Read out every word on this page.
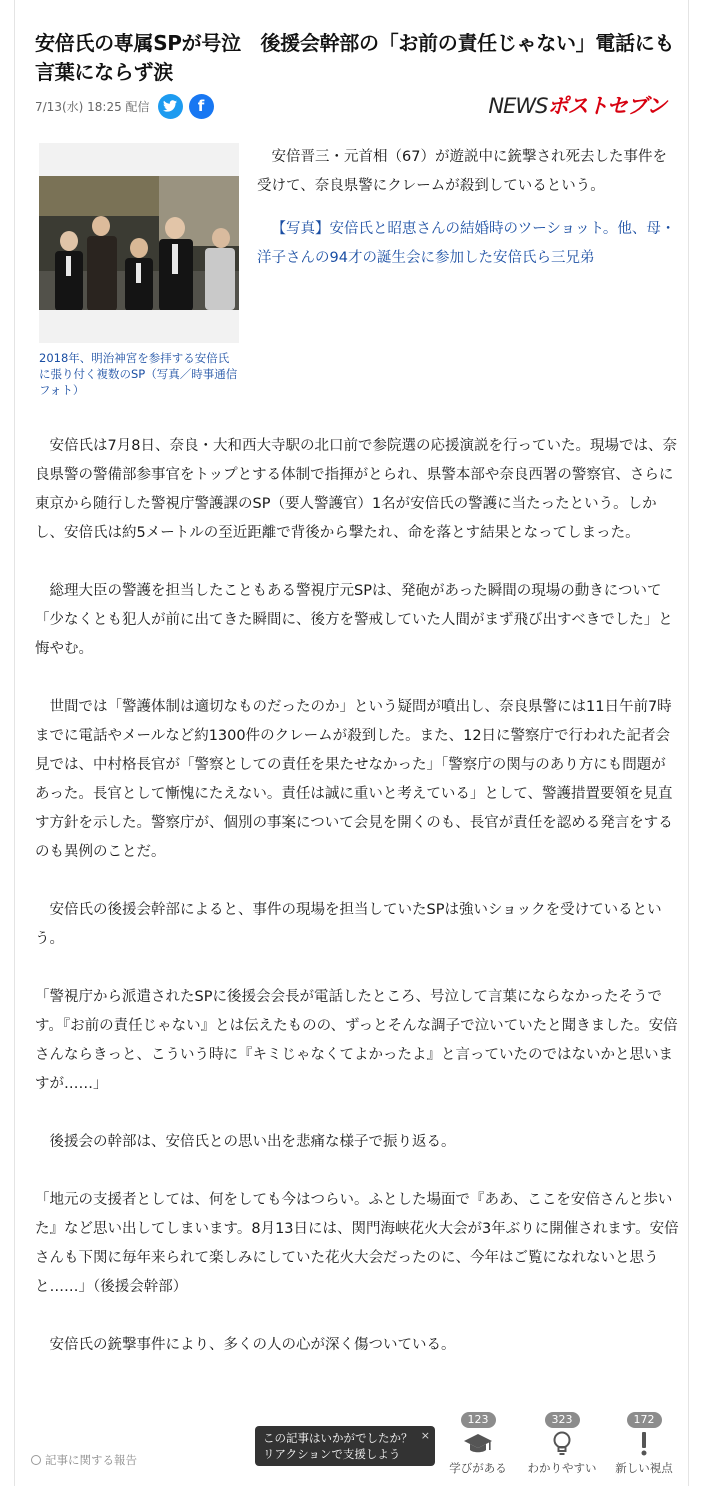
安倍氏の専属SPが号泣　後援会幹部の「お前の責任じゃない」電話にも言葉にならず涙
7/13(水) 18:25 配信	f	NEWSポストセブン
2018年、明治神宮を参拝する安倍氏に張り付く複数のSP（写真／時事通信フォト）

安倍晋三・元首相（67）が遊説中に銃撃され死去した事件を受けて、奈良県警にクレームが殺到しているという。

【写真】安倍氏と昭恵さんの結婚時のツーショット。他、母・洋子さんの94才の誕生会に参加した安倍氏ら三兄弟

安倍氏は7月8日、奈良・大和西大寺駅の北口前で参院選の応援演説を行っていた。現場では、奈良県警の警備部参事官をトップとする体制で指揮がとられ、県警本部や奈良西署の警察官、さらに東京から随行した警視庁警護課のSP（要人警護官）1名が安倍氏の警護に当たったという。しかし、安倍氏は約5メートルの至近距離で背後から撃たれ、命を落とす結果となってしまった。

総理大臣の警護を担当したこともある警視庁元SPは、発砲があった瞬間の現場の動きについて「少なくとも犯人が前に出てきた瞬間に、後方を警戒していた人間がまず飛び出すべきでした」と悔やむ。

世間では「警護体制は適切なものだったのか」という疑問が噴出し、奈良県警には11日午前7時までに電話やメールなど約1300件のクレームが殺到した。また、12日に警察庁で行われた記者会見では、中村格長官が「警察としての責任を果たせなかった」「警察庁の関与のあり方にも問題があった。長官として慚愧にたえない。責任は誠に重いと考えている」として、警護措置要領を見直す方針を示した。警察庁が、個別の事案について会見を開くのも、長官が責任を認める発言をするのも異例のことだ。

安倍氏の後援会幹部によると、事件の現場を担当していたSPは強いショックを受けているという。

「警視庁から派遣されたSPに後援会会長が電話したところ、号泣して言葉にならなかったそうです。『お前の責任じゃない』とは伝えたものの、ずっとそんな調子で泣いていたと聞きました。安倍さんならきっと、こういう時に『キミじゃなくてよかったよ』と言っていたのではないかと思いますが……」

後援会の幹部は、安倍氏との思い出を悲痛な様子で振り返る。

「地元の支援者としては、何をしても今はつらい。ふとした場面で『ああ、ここを安倍さんと歩いた』など思い出してしまいます。8月13日には、関門海峡花火大会が3年ぶりに開催されます。安倍さんも下関に毎年来られて楽しみにしていた花火大会だったのに、今年はご覧になれないと思うと……」（後援会幹部）

安倍氏の銃撃事件により、多くの人の心が深く傷ついている。

記事に関する報告
この記事はいかがでしたか？
リアクションで支援しよう
×
123
学びがある
323
わかりやすい
172
新しい視点
